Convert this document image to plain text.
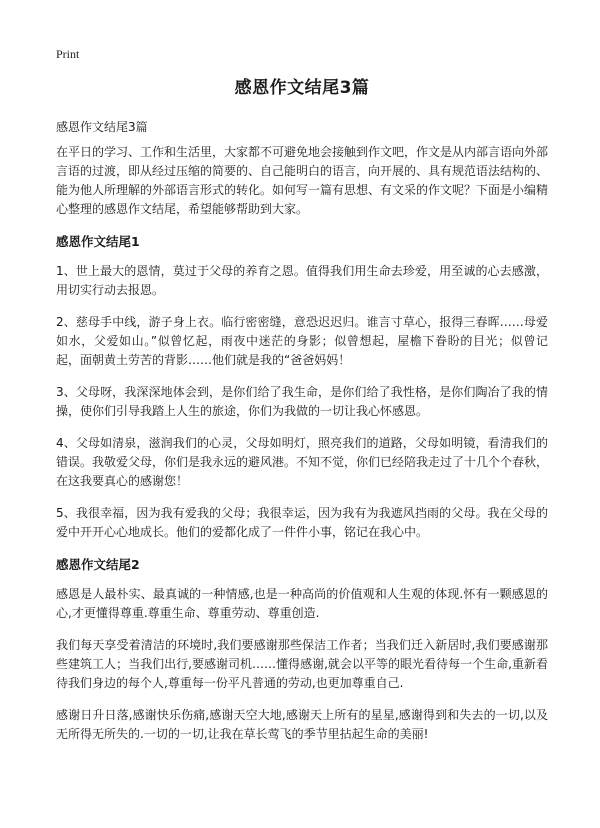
Print
感恩作文结尾3篇
感恩作文结尾3篇

在平日的学习、工作和生活里，大家都不可避免地会接触到作文吧，作文是从内部言语向外部言语的过渡，即从经过压缩的简要的、自己能明白的语言，向开展的、具有规范语法结构的、能为他人所理解的外部语言形式的转化。如何写一篇有思想、有文采的作文呢？下面是小编精心整理的感恩作文结尾，希望能够帮助到大家。

感恩作文结尾1

1、世上最大的恩情，莫过于父母的养育之恩。值得我们用生命去珍爱，用至诚的心去感激，用切实行动去报恩。

2、慈母手中线，游子身上衣。临行密密缝，意恐迟迟归。谁言寸草心，报得三春晖……母爱如水，父爱如山。”似曾忆起，雨夜中迷茫的身影；似曾想起，屋檐下眷盼的目光；似曾记起，面朝黄土劳苦的背影……他们就是我的“爸爸妈妈！

3、父母呀，我深深地体会到，是你们给了我生命，是你们给了我性格，是你们陶冶了我的情操，使你们引导我踏上人生的旅途，你们为我做的一切让我心怀感恩。

4、父母如清泉，滋润我们的心灵，父母如明灯，照亮我们的道路，父母如明镜，看清我们的错误。我敬爱父母，你们是我永远的避风港。不知不觉，你们已经陪我走过了十几个个春秋，在这我要真心的感谢您！

5、我很幸福，因为我有爱我的父母；我很幸运，因为我有为我遮风挡雨的父母。我在父母的爱中开开心心地成长。他们的爱都化成了一件件小事，铭记在我心中。

感恩作文结尾2

感恩是人最朴实、最真诚的一种情感,也是一种高尚的价值观和人生观的体现.怀有一颗感恩的心,才更懂得尊重.尊重生命、尊重劳动、尊重创造.

我们每天享受着清洁的环境时,我们要感谢那些保洁工作者；当我们迁入新居时,我们要感谢那些建筑工人；当我们出行,要感谢司机……懂得感谢,就会以平等的眼光看待每一个生命,重新看待我们身边的每个人,尊重每一份平凡普通的劳动,也更加尊重自己.

感谢日升日落,感谢快乐伤痛,感谢天空大地,感谢天上所有的星星,感谢得到和失去的一切,以及无所得无所失的.一切的一切,让我在草长莺飞的季节里拈起生命的美丽!
